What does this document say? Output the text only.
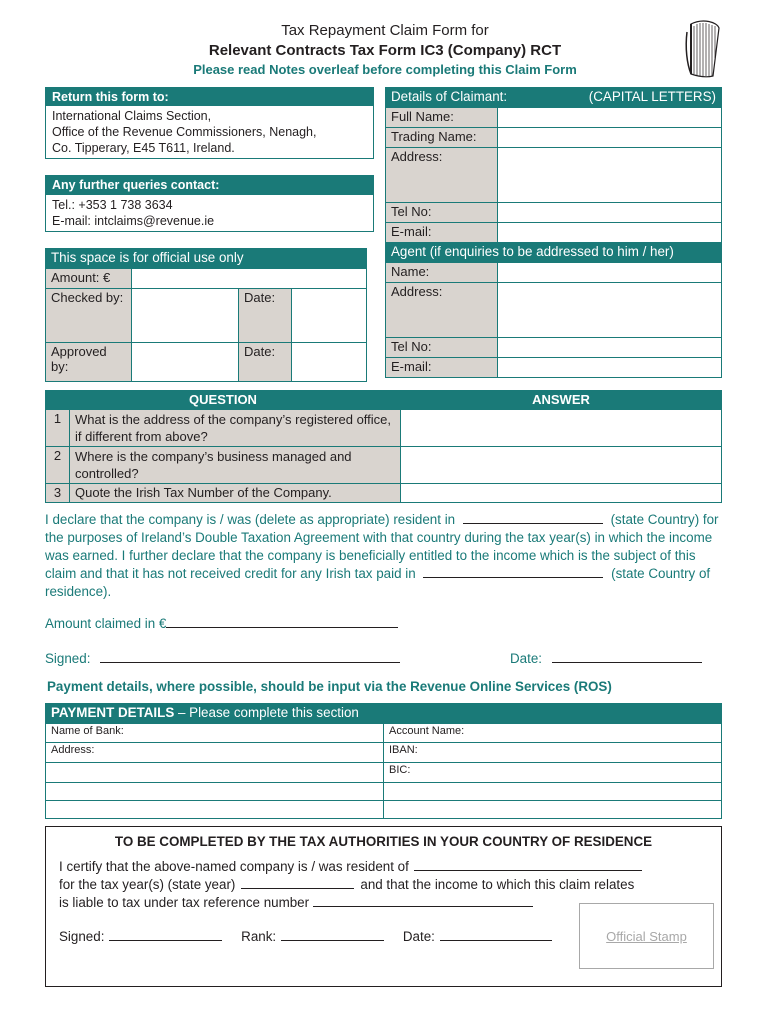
Tax Repayment Claim Form for
Relevant Contracts Tax Form IC3 (Company) RCT
Please read Notes overleaf before completing this Claim Form
Return this form to:
International Claims Section,
Office of the Revenue Commissioners, Nenagh,
Co. Tipperary, E45 T611, Ireland.
Any further queries contact:
Tel.: +353 1 738 3634
E-mail: intclaims@revenue.ie
This space is for official use only			
Amount: €			
Checked by:		Date:	
Approved by:		Date:	
Details of Claimant: (CAPITAL LETTERS)	

Full Name:	
Trading Name:	
Address:	
Tel No:	
E-mail:	
Agent (if enquiries to be addressed to him / her)	
Name:	
Address:	
Tel No:	
E-mail:	
QUESTION		ANSWER
1	What is the address of the company’s registered office, if different from above?	
2	Where is the company’s business managed and controlled?	
3	Quote the Irish Tax Number of the Company.	
I declare that the company is / was (delete as appropriate) resident in	(state Country) for the purposes of Ireland’s Double Taxation Agreement with that country during the tax year(s) in which the income was earned. I further declare that the company is beneficially entitled to the income which is the subject of this claim and that it has not received credit for any Irish tax paid in	(state Country of residence).
Amount claimed in €
Signed:	Date:
Payment details, where possible, should be input via the Revenue Online Services (ROS)
PAYMENT DETAILS – Please complete this section	
Name of Bank:	Account Name:
Address:	IBAN:
	BIC:

TO BE COMPLETED BY THE TAX AUTHORITIES IN YOUR COUNTRY OF RESIDENCE
I certify that the above-named company is / was resident of
for the tax year(s) (state year)	and that the income to which this claim relates
is liable to tax under tax reference number
Signed:	Rank:	Date:	Official Stamp
